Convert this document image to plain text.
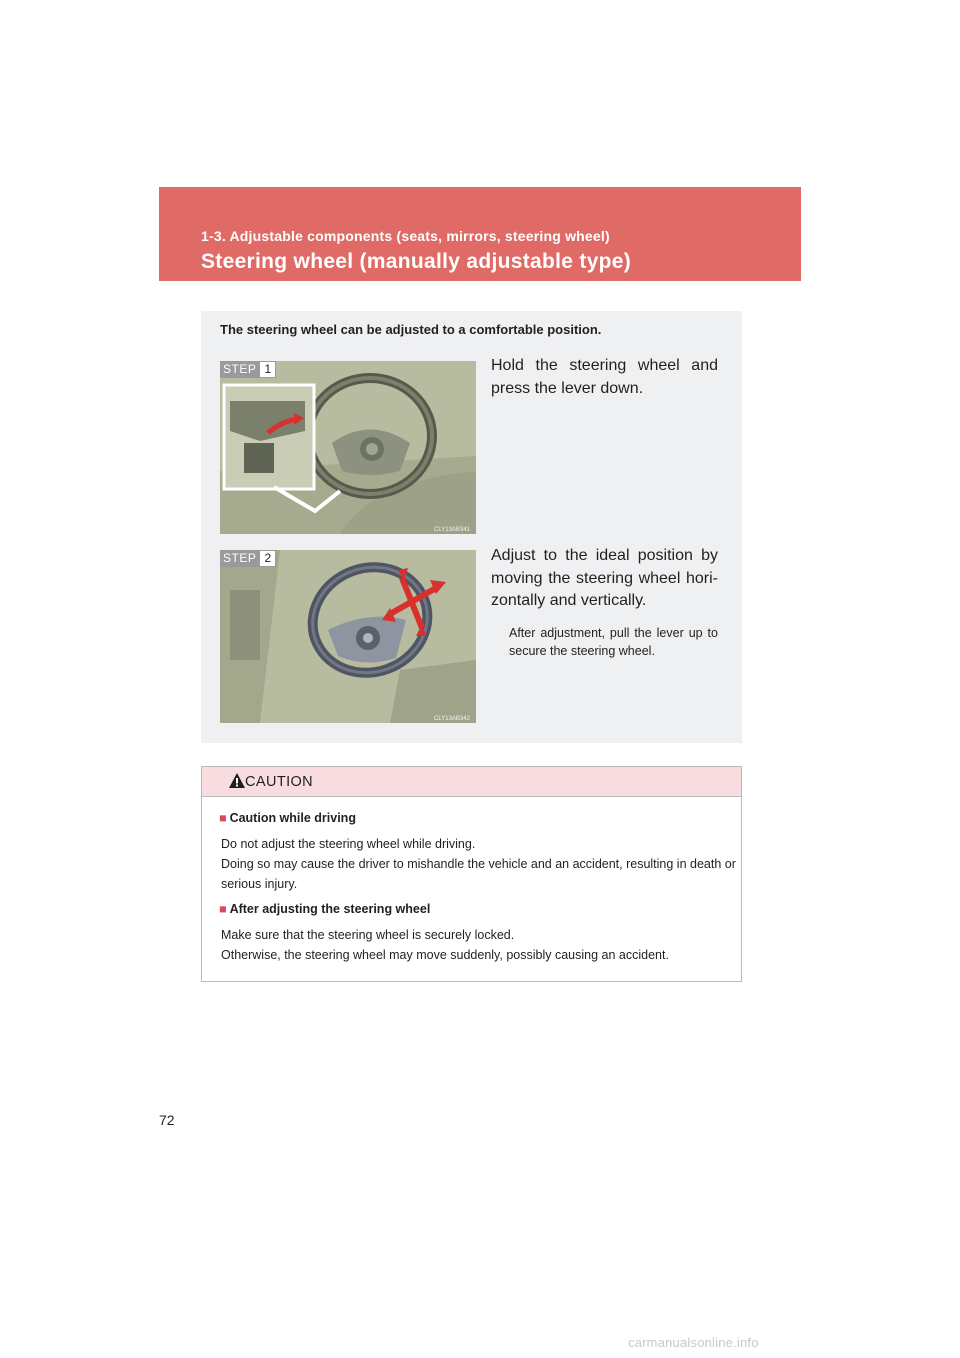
1-3. Adjustable components (seats, mirrors, steering wheel)
Steering wheel (manually adjustable type)
The steering wheel can be adjusted to a comfortable position.
STEP 1
CLY13AB341
Hold the steering wheel and press the lever down.
STEP 2
CLY13AB342
Adjust to the ideal position by moving the steering wheel hori-zontally and vertically.
After adjustment, pull the lever up to secure the steering wheel.
CAUTION
■ Caution while driving
Do not adjust the steering wheel while driving.
Doing so may cause the driver to mishandle the vehicle and an accident, resulting in death or serious injury.
■ After adjusting the steering wheel
Make sure that the steering wheel is securely locked.
Otherwise, the steering wheel may move suddenly, possibly causing an accident.
72
carmanualsonline.info
